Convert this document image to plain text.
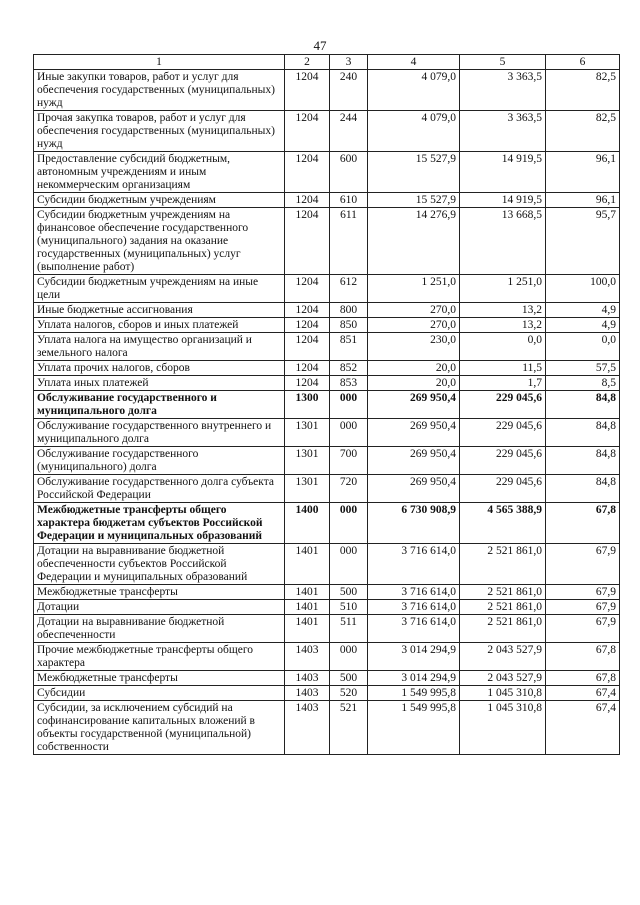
47
1	2	3	4	5	6
Иные закупки товаров, работ и услуг для обеспечения государственных (муниципальных) нужд	1204	240	4 079,0	3 363,5	82,5
Прочая закупка товаров, работ и услуг для обеспечения государственных (муниципальных) нужд	1204	244	4 079,0	3 363,5	82,5
Предоставление субсидий бюджетным, автономным учреждениям и иным некоммерческим организациям	1204	600	15 527,9	14 919,5	96,1
Субсидии бюджетным учреждениям	1204	610	15 527,9	14 919,5	96,1
Субсидии бюджетным учреждениям на финансовое обеспечение государственного (муниципального) задания на оказание государственных (муниципальных) услуг (выполнение работ)	1204	611	14 276,9	13 668,5	95,7
Субсидии бюджетным учреждениям на иные цели	1204	612	1 251,0	1 251,0	100,0
Иные бюджетные ассигнования	1204	800	270,0	13,2	4,9
Уплата налогов, сборов и иных платежей	1204	850	270,0	13,2	4,9
Уплата налога на имущество организаций и земельного налога	1204	851	230,0	0,0	0,0
Уплата прочих налогов, сборов	1204	852	20,0	11,5	57,5
Уплата иных платежей	1204	853	20,0	1,7	8,5
Обслуживание государственного и муниципального долга	1300	000	269 950,4	229 045,6	84,8
Обслуживание государственного внутреннего и муниципального долга	1301	000	269 950,4	229 045,6	84,8
Обслуживание государственного (муниципального) долга	1301	700	269 950,4	229 045,6	84,8
Обслуживание государственного долга субъекта Российской Федерации	1301	720	269 950,4	229 045,6	84,8
Межбюджетные трансферты общего характера бюджетам субъектов Российской Федерации и муниципальных образований	1400	000	6 730 908,9	4 565 388,9	67,8
Дотации на выравнивание бюджетной обеспеченности субъектов Российской Федерации и муниципальных образований	1401	000	3 716 614,0	2 521 861,0	67,9
Межбюджетные трансферты	1401	500	3 716 614,0	2 521 861,0	67,9
Дотации	1401	510	3 716 614,0	2 521 861,0	67,9
Дотации на выравнивание бюджетной обеспеченности	1401	511	3 716 614,0	2 521 861,0	67,9
Прочие межбюджетные трансферты общего характера	1403	000	3 014 294,9	2 043 527,9	67,8
Межбюджетные трансферты	1403	500	3 014 294,9	2 043 527,9	67,8
Субсидии	1403	520	1 549 995,8	1 045 310,8	67,4
Субсидии, за исключением субсидий на софинансирование капитальных вложений в объекты государственной (муниципальной) собственности	1403	521	1 549 995,8	1 045 310,8	67,4
